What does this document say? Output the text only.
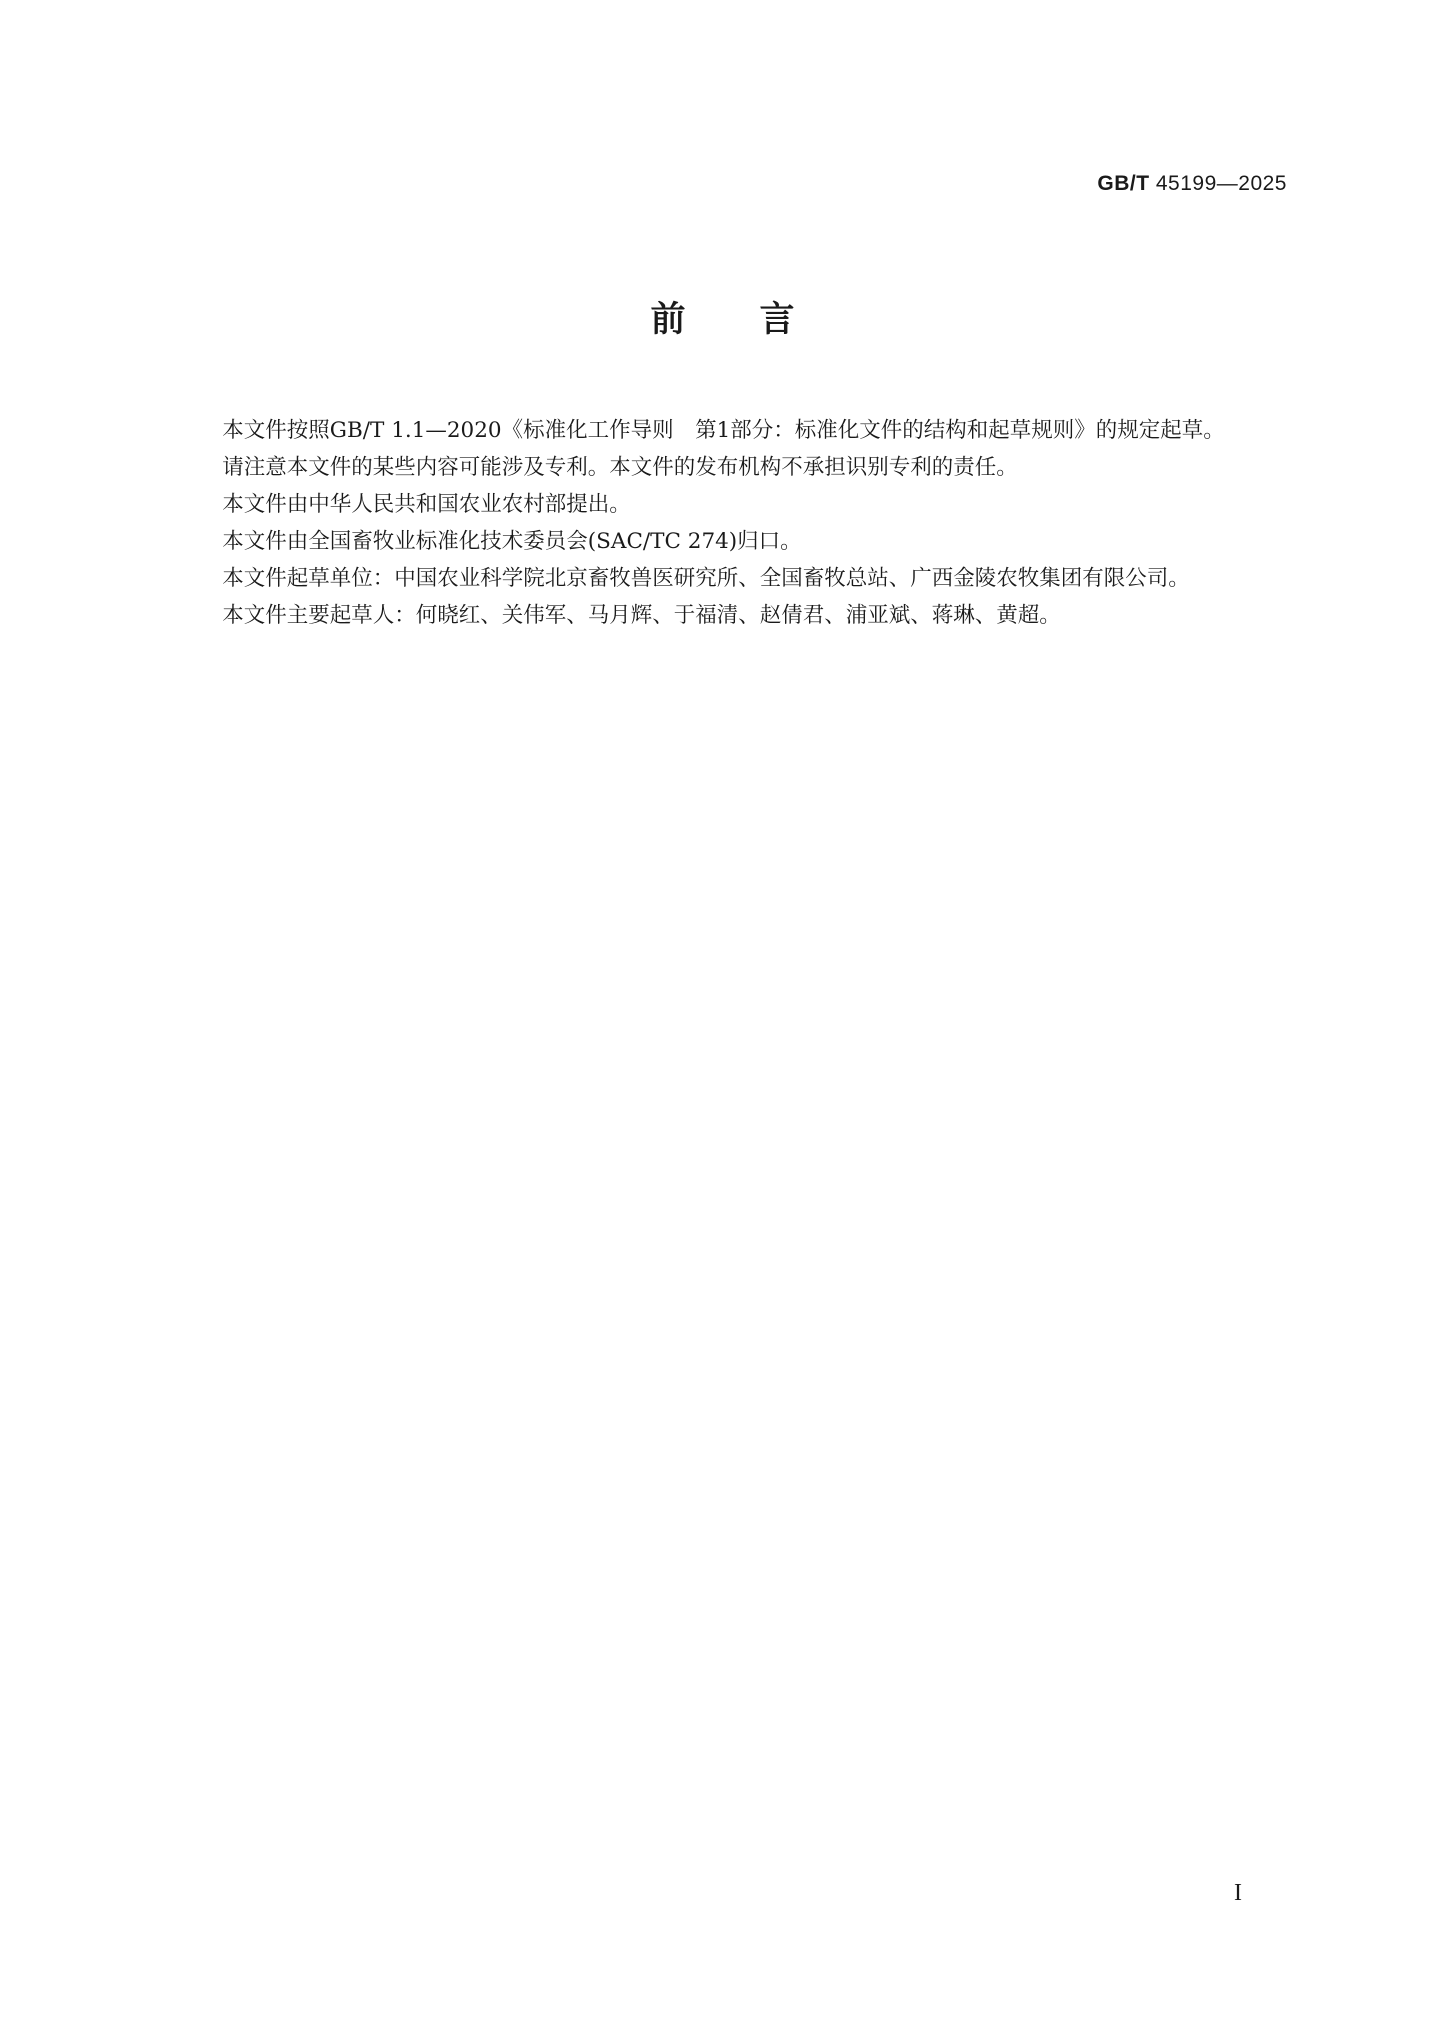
GB/T 45199—2025
前言

本文件按照GB/T 1.1—2020《标准化工作导则　第1部分：标准化文件的结构和起草规则》的规定起草。

请注意本文件的某些内容可能涉及专利。本文件的发布机构不承担识别专利的责任。

本文件由中华人民共和国农业农村部提出。

本文件由全国畜牧业标准化技术委员会(SAC/TC 274)归口。

本文件起草单位：中国农业科学院北京畜牧兽医研究所、全国畜牧总站、广西金陵农牧集团有限公司。

本文件主要起草人：何晓红、关伟军、马月辉、于福清、赵倩君、浦亚斌、蒋琳、黄超。

I
